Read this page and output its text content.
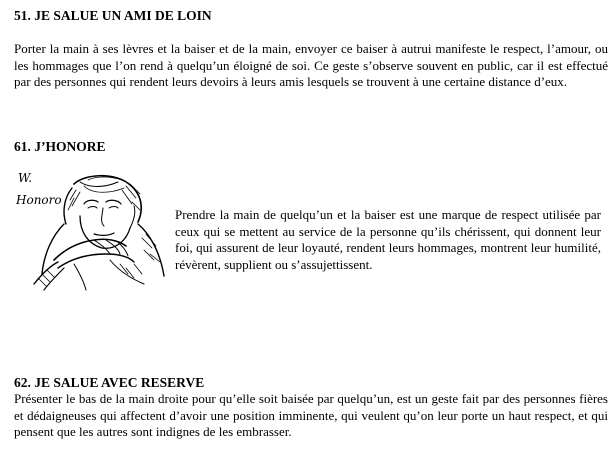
51. JE SALUE UN AMI DE LOIN

Porter la main à ses lèvres et la baiser et de la main, envoyer ce baiser à autrui manifeste le respect, l’amour, ou les hommages que l’on rend à quelqu’un éloigné de soi. Ce geste s’observe souvent en public, car il est effectué par des personnes qui rendent leurs devoirs à leurs amis lesquels se trouvent à une certaine distance d’eux.

61. J’HONORE
W.
Honoro

Prendre la main de quelqu’un et la baiser est une marque de respect utilisée par ceux qui se mettent au service de la personne qu’ils chérissent, qui donnent leur foi, qui assurent de leur loyauté, rendent leurs hommages, montrent leur humilité, révèrent, supplient ou s’assujettissent.

62. JE SALUE AVEC RESERVE

Présenter le bas de la main droite pour qu’elle soit baisée par quelqu’un, est un geste fait par des personnes fières et dédaigneuses qui affectent d’avoir une position imminente, qui veulent qu’on leur porte un haut respect, et qui pensent que les autres sont indignes de les embrasser.
